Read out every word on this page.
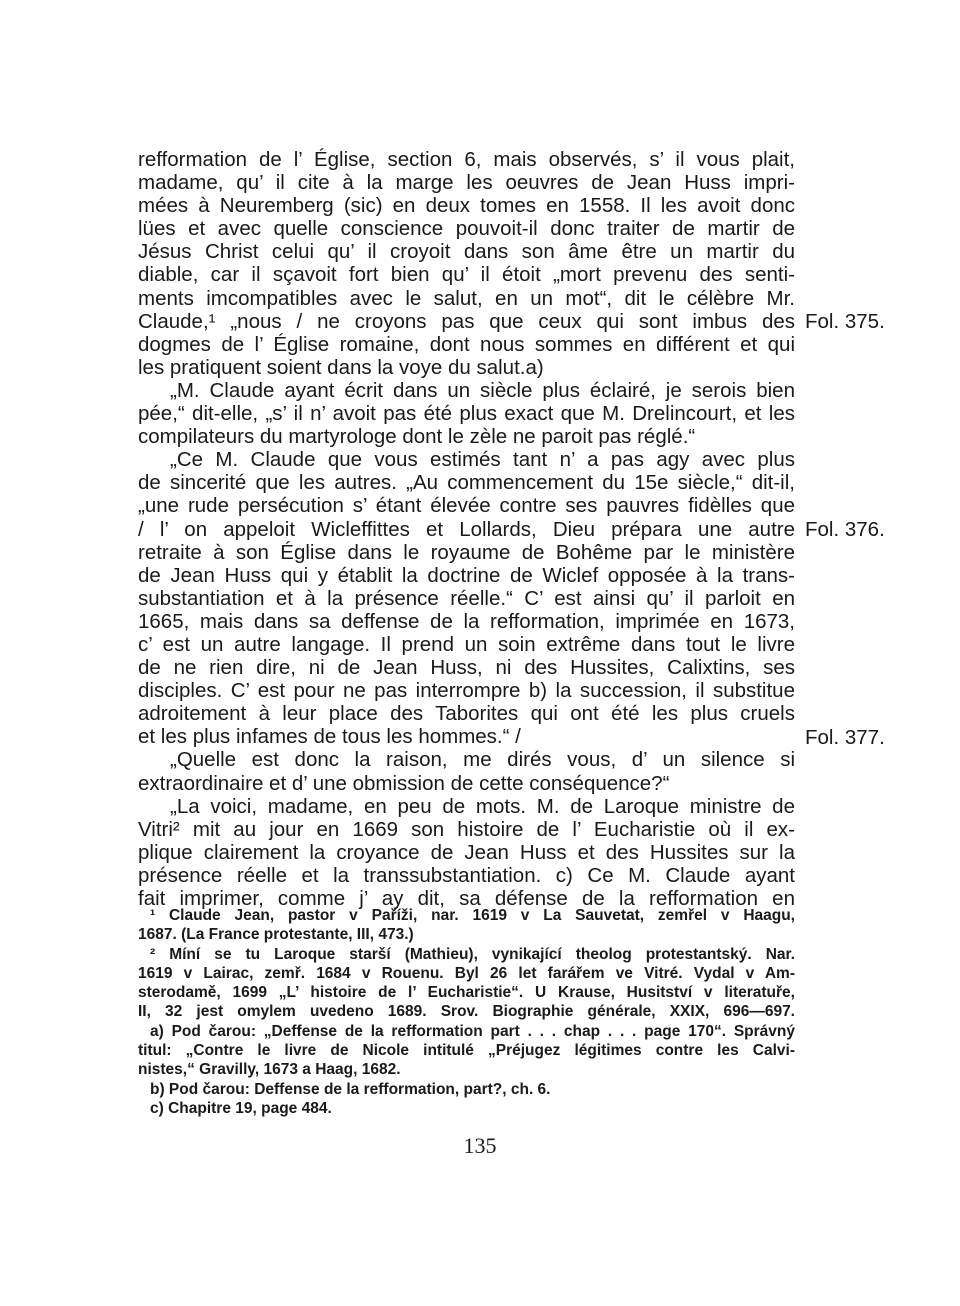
refformation de l’ Église, section 6, mais observés, s’ il vous plait,
madame, qu’ il cite à la marge les oeuvres de Jean Huss impri-
mées à Neuremberg (sic) en deux tomes en 1558. Il les avoit donc
lües et avec quelle conscience pouvoit-il donc traiter de martir de
Jésus Christ celui qu’ il croyoit dans son âme être un martir du
diable, car il sçavoit fort bien qu’ il étoit „mort prevenu des senti-
ments imcompatibles avec le salut, en un mot“, dit le célèbre Mr.
Claude,¹ „nous / ne croyons pas que ceux qui sont imbus des
dogmes de l’ Église romaine, dont nous sommes en différent et qui
les pratiquent soient dans la voye du salut.a)
„M. Claude ayant écrit dans un siècle plus éclairé, je serois bien
pée,“ dit-elle, „s’ il n’ avoit pas été plus exact que M. Drelincourt, et les
compilateurs du martyrologe dont le zèle ne paroit pas réglé.“
„Ce M. Claude que vous estimés tant n’ a pas agy avec plus
de sincerité que les autres. „Au commencement du 15e siècle,“ dit-il,
„une rude persécution s’ étant élevée contre ses pauvres fidèlles que
/ l’ on appeloit Wicleffittes et Lollards, Dieu prépara une autre
retraite à son Église dans le royaume de Bohême par le ministère
de Jean Huss qui y établit la doctrine de Wiclef opposée à la trans-
substantiation et à la présence réelle.“ C’ est ainsi qu’ il parloit en
1665, mais dans sa deffense de la refformation, imprimée en 1673,
c’ est un autre langage. Il prend un soin extrême dans tout le livre
de ne rien dire, ni de Jean Huss, ni des Hussites, Calixtins, ses
disciples. C’ est pour ne pas interrompre b) la succession, il substitue
adroitement à leur place des Taborites qui ont été les plus cruels
et les plus infames de tous les hommes.“ /
„Quelle est donc la raison, me dirés vous, d’ un silence si
extraordinaire et d’ une obmission de cette conséquence?“
„La voici, madame, en peu de mots. M. de Laroque ministre de
Vitri² mit au jour en 1669 son histoire de l’ Eucharistie où il ex-
plique clairement la croyance de Jean Huss et des Hussites sur la
présence réelle et la transsubstantiation. c) Ce M. Claude ayant
fait imprimer, comme j’ ay dit, sa défense de la refformation en
Fol. 375.
Fol. 376.
Fol. 377.
¹ Claude Jean, pastor v Paříži, nar. 1619 v La Sauvetat, zemřel v Haagu,
1687. (La France protestante, III, 473.)
² Míní se tu Laroque starší (Mathieu), vynikající theolog protestantský. Nar.
1619 v Lairac, zemř. 1684 v Rouenu. Byl 26 let farářem ve Vitré. Vydal v Am-
sterodamě, 1699 „L’ histoire de l’ Eucharistie“. U Krause, Husitství v literatuře,
II, 32 jest omylem uvedeno 1689. Srov. Biographie générale, XXIX, 696—697.
a) Pod čarou: „Deffense de la refformation part . . . chap . . . page 170“. Správný
titul: „Contre le livre de Nicole intitulé „Préjugez légitimes contre les Calvi-
nistes,“ Gravilly, 1673 a Haag, 1682.
b) Pod čarou: Deffense de la refformation, part?, ch. 6.
c) Chapitre 19, page 484.
135
